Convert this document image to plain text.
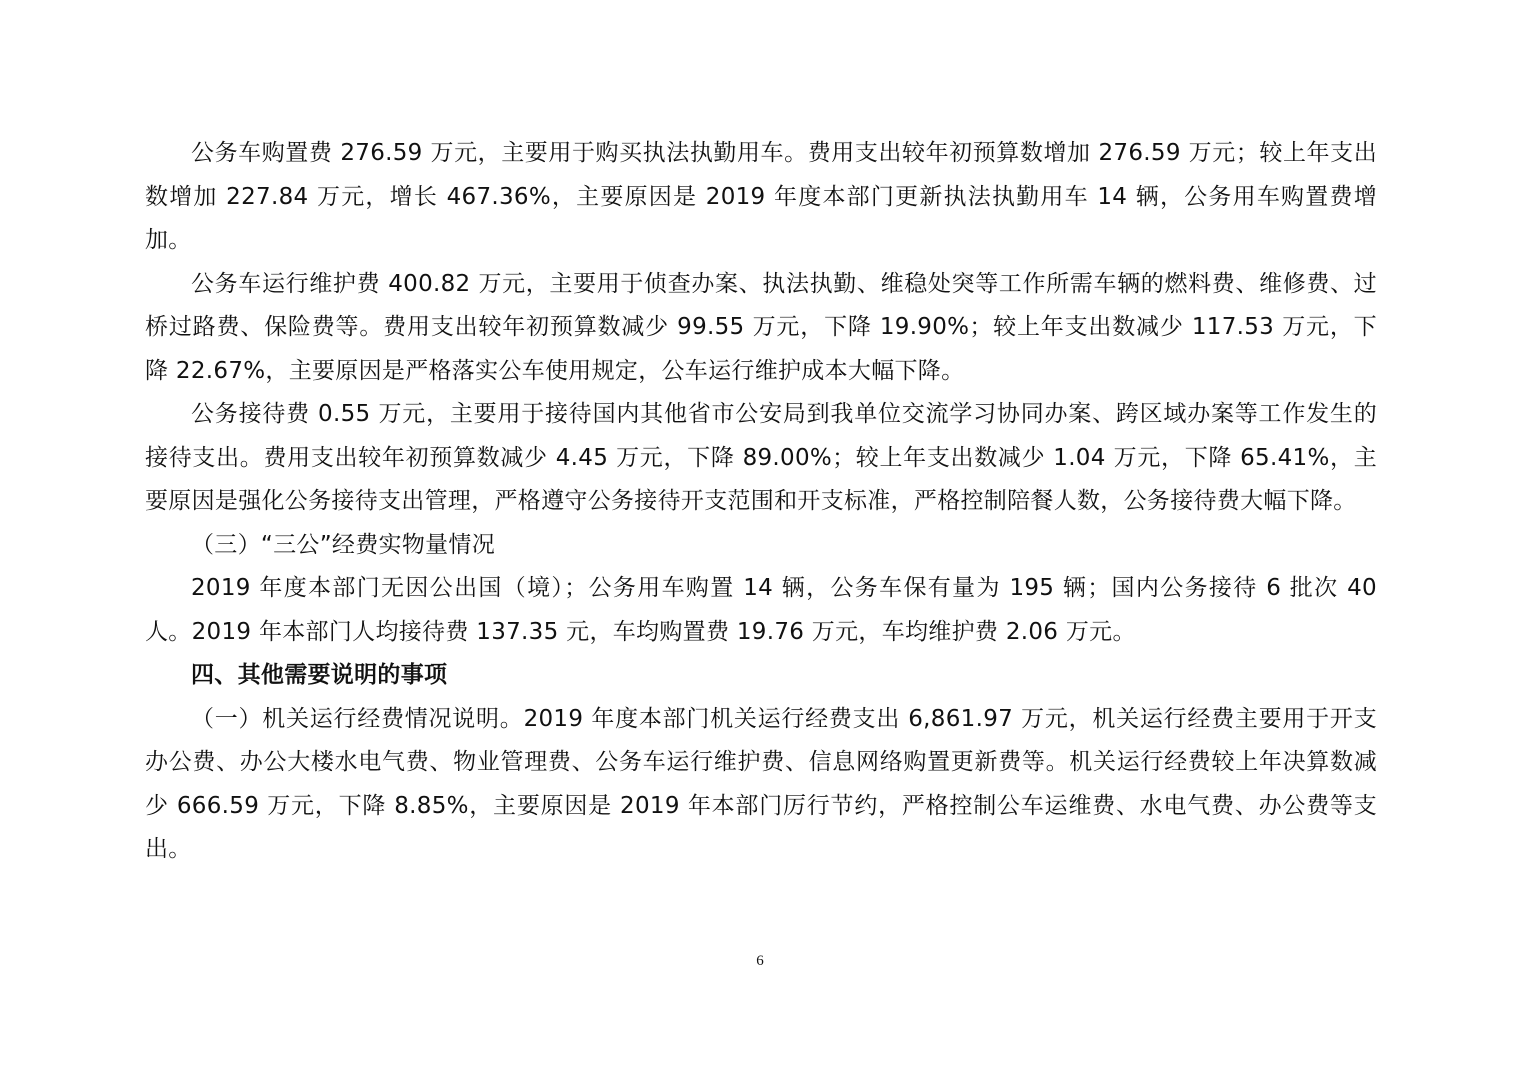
公务车购置费 276.59 万元，主要用于购买执法执勤用车。费用支出较年初预算数增加 276.59 万元；较上年支出数增加 227.84 万元，增长 467.36%，主要原因是 2019 年度本部门更新执法执勤用车 14 辆，公务用车购置费增加。

公务车运行维护费 400.82 万元，主要用于侦查办案、执法执勤、维稳处突等工作所需车辆的燃料费、维修费、过桥过路费、保险费等。费用支出较年初预算数减少 99.55 万元，下降 19.90%；较上年支出数减少 117.53 万元，下降 22.67%，主要原因是严格落实公车使用规定，公车运行维护成本大幅下降。

公务接待费 0.55 万元，主要用于接待国内其他省市公安局到我单位交流学习协同办案、跨区域办案等工作发生的接待支出。费用支出较年初预算数减少 4.45 万元，下降 89.00%；较上年支出数减少 1.04 万元，下降 65.41%，主要原因是强化公务接待支出管理，严格遵守公务接待开支范围和开支标准，严格控制陪餐人数，公务接待费大幅下降。

（三）“三公”经费实物量情况

2019 年度本部门无因公出国（境）；公务用车购置 14 辆，公务车保有量为 195 辆；国内公务接待 6 批次 40 人。2019 年本部门人均接待费 137.35 元，车均购置费 19.76 万元，车均维护费 2.06 万元。

四、其他需要说明的事项

（一）机关运行经费情况说明。2019 年度本部门机关运行经费支出 6,861.97 万元，机关运行经费主要用于开支办公费、办公大楼水电气费、物业管理费、公务车运行维护费、信息网络购置更新费等。机关运行经费较上年决算数减少 666.59 万元，下降 8.85%，主要原因是 2019 年本部门厉行节约，严格控制公车运维费、水电气费、办公费等支出。

6
